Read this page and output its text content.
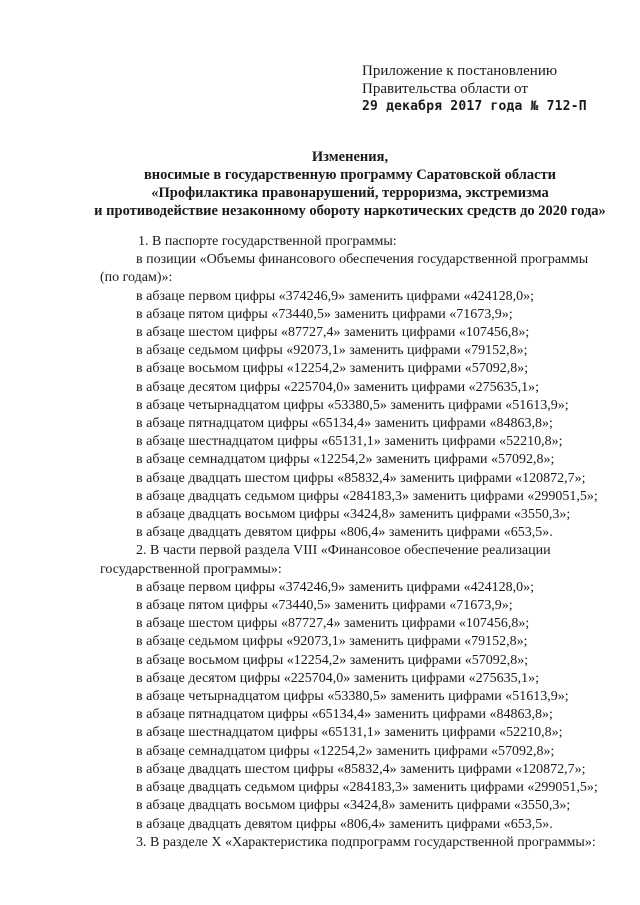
Приложение к постановлению
Правительства области от
29 декабря 2017 года № 712-П
Изменения,
вносимые в государственную программу Саратовской области
«Профилактика правонарушений, терроризма, экстремизма
и противодействие незаконному обороту наркотических средств до 2020 года»
1. В паспорте государственной программы:
в позиции «Объемы финансового обеспечения государственной программы
(по годам)»:
в абзаце первом цифры «374246,9» заменить цифрами «424128,0»;
в абзаце пятом цифры «73440,5» заменить цифрами «71673,9»;
в абзаце шестом цифры «87727,4» заменить цифрами «107456,8»;
в абзаце седьмом цифры «92073,1» заменить цифрами «79152,8»;
в абзаце восьмом цифры «12254,2» заменить цифрами «57092,8»;
в абзаце десятом цифры «225704,0» заменить цифрами «275635,1»;
в абзаце четырнадцатом цифры «53380,5» заменить цифрами «51613,9»;
в абзаце пятнадцатом цифры «65134,4» заменить цифрами «84863,8»;
в абзаце шестнадцатом цифры «65131,1» заменить цифрами «52210,8»;
в абзаце семнадцатом цифры «12254,2» заменить цифрами «57092,8»;
в абзаце двадцать шестом цифры «85832,4» заменить цифрами «120872,7»;
в абзаце двадцать седьмом цифры «284183,3» заменить цифрами «299051,5»;
в абзаце двадцать восьмом цифры «3424,8» заменить цифрами «3550,3»;
в абзаце двадцать девятом цифры «806,4» заменить цифрами «653,5».
2. В части первой раздела VIII «Финансовое обеспечение реализации
государственной программы»:
в абзаце первом цифры «374246,9» заменить цифрами «424128,0»;
в абзаце пятом цифры «73440,5» заменить цифрами «71673,9»;
в абзаце шестом цифры «87727,4» заменить цифрами «107456,8»;
в абзаце седьмом цифры «92073,1» заменить цифрами «79152,8»;
в абзаце восьмом цифры «12254,2» заменить цифрами «57092,8»;
в абзаце десятом цифры «225704,0» заменить цифрами «275635,1»;
в абзаце четырнадцатом цифры «53380,5» заменить цифрами «51613,9»;
в абзаце пятнадцатом цифры «65134,4» заменить цифрами «84863,8»;
в абзаце шестнадцатом цифры «65131,1» заменить цифрами «52210,8»;
в абзаце семнадцатом цифры «12254,2» заменить цифрами «57092,8»;
в абзаце двадцать шестом цифры «85832,4» заменить цифрами «120872,7»;
в абзаце двадцать седьмом цифры «284183,3» заменить цифрами «299051,5»;
в абзаце двадцать восьмом цифры «3424,8» заменить цифрами «3550,3»;
в абзаце двадцать девятом цифры «806,4» заменить цифрами «653,5».
3. В разделе X «Характеристика подпрограмм государственной программы»:
